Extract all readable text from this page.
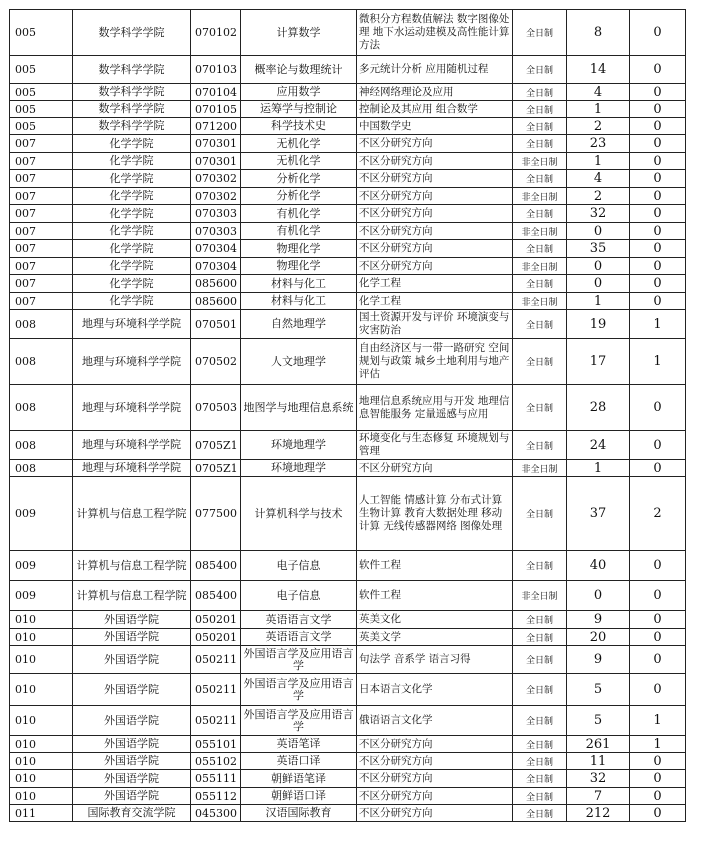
005	数学科学学院	070102	计算数学	微积分方程数值解法 数字图像处理 地下水运动建模及高性能计算方法	全日制	8	0
005	数学科学学院	070103	概率论与数理统计	多元统计分析 应用随机过程	全日制	14	0
005	数学科学学院	070104	应用数学	神经网络理论及应用	全日制	4	0
005	数学科学学院	070105	运筹学与控制论	控制论及其应用 组合数学	全日制	1	0
005	数学科学学院	071200	科学技术史	中国数学史	全日制	2	0
007	化学学院	070301	无机化学	不区分研究方向	全日制	23	0
007	化学学院	070301	无机化学	不区分研究方向	非全日制	1	0
007	化学学院	070302	分析化学	不区分研究方向	全日制	4	0
007	化学学院	070302	分析化学	不区分研究方向	非全日制	2	0
007	化学学院	070303	有机化学	不区分研究方向	全日制	32	0
007	化学学院	070303	有机化学	不区分研究方向	非全日制	0	0
007	化学学院	070304	物理化学	不区分研究方向	全日制	35	0
007	化学学院	070304	物理化学	不区分研究方向	非全日制	0	0
007	化学学院	085600	材料与化工	化学工程	全日制	0	0
007	化学学院	085600	材料与化工	化学工程	非全日制	1	0
008	地理与环境科学学院	070501	自然地理学	国土资源开发与评价 环境演变与灾害防治	全日制	19	1
008	地理与环境科学学院	070502	人文地理学	自由经济区与一带一路研究 空间规划与政策 城乡土地利用与地产评估	全日制	17	1
008	地理与环境科学学院	070503	地图学与地理信息系统	地理信息系统应用与开发 地理信息智能服务 定量遥感与应用	全日制	28	0
008	地理与环境科学学院	0705Z1	环境地理学	环境变化与生态修复 环境规划与管理	全日制	24	0
008	地理与环境科学学院	0705Z1	环境地理学	不区分研究方向	非全日制	1	0
009	计算机与信息工程学院	077500	计算机科学与技术	人工智能 情感计算 分布式计算 生物计算 教育大数据处理 移动计算 无线传感器网络 图像处理	全日制	37	2
009	计算机与信息工程学院	085400	电子信息	软件工程	全日制	40	0
009	计算机与信息工程学院	085400	电子信息	软件工程	非全日制	0	0
010	外国语学院	050201	英语语言文学	英美文化	全日制	9	0
010	外国语学院	050201	英语语言文学	英美文学	全日制	20	0
010	外国语学院	050211	外国语言学及应用语言学	句法学 音系学 语言习得	全日制	9	0
010	外国语学院	050211	外国语言学及应用语言学	日本语言文化学	全日制	5	0
010	外国语学院	050211	外国语言学及应用语言学	俄语语言文化学	全日制	5	1
010	外国语学院	055101	英语笔译	不区分研究方向	全日制	261	1
010	外国语学院	055102	英语口译	不区分研究方向	全日制	11	0
010	外国语学院	055111	朝鲜语笔译	不区分研究方向	全日制	32	0
010	外国语学院	055112	朝鲜语口译	不区分研究方向	全日制	7	0
011	国际教育交流学院	045300	汉语国际教育	不区分研究方向	全日制	212	0
